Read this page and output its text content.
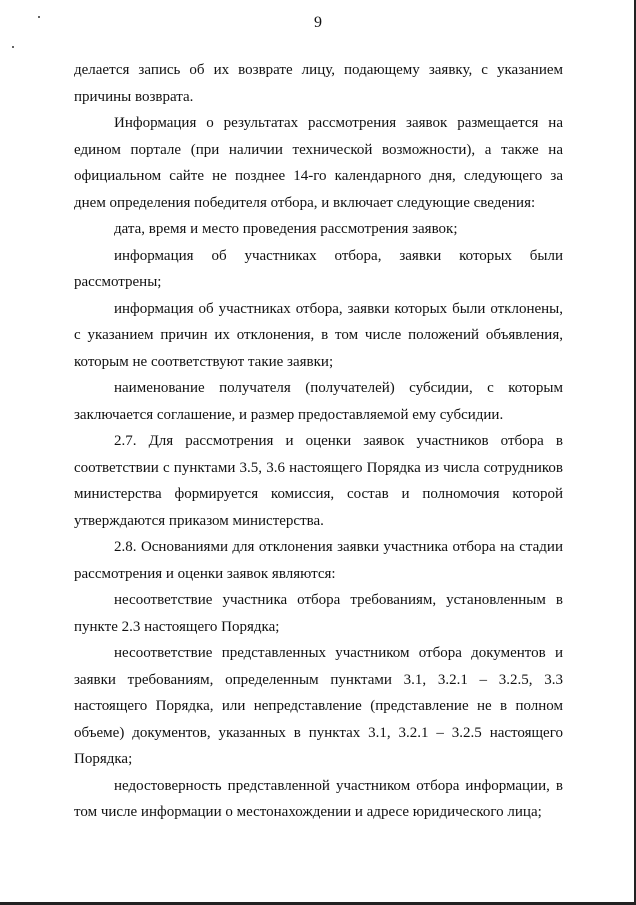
9

делается запись об их возврате лицу, подающему заявку, с указанием причины возврата.

Информация о результатах рассмотрения заявок размещается на едином портале (при наличии технической возможности), а также на официальном сайте не позднее 14-го календарного дня, следующего за днем определения победителя отбора, и включает следующие сведения:

дата, время и место проведения рассмотрения заявок;

информация об участниках отбора, заявки которых были рассмотрены;

информация об участниках отбора, заявки которых были отклонены, с указанием причин их отклонения, в том числе положений объявления, которым не соответствуют такие заявки;

наименование получателя (получателей) субсидии, с которым заключается соглашение, и размер предоставляемой ему субсидии.

2.7. Для рассмотрения и оценки заявок участников отбора в соответствии с пунктами 3.5, 3.6 настоящего Порядка из числа сотрудников министерства формируется комиссия, состав и полномочия которой утверждаются приказом министерства.

2.8. Основаниями для отклонения заявки участника отбора на стадии рассмотрения и оценки заявок являются:

несоответствие участника отбора требованиям, установленным в пункте 2.3 настоящего Порядка;

несоответствие представленных участником отбора документов и заявки требованиям, определенным пунктами 3.1, 3.2.1 – 3.2.5, 3.3 настоящего Порядка, или непредставление (представление не в полном объеме) документов, указанных в пунктах 3.1, 3.2.1 – 3.2.5 настоящего Порядка;

недостоверность представленной участником отбора информации, в том числе информации о местонахождении и адресе юридического лица;
